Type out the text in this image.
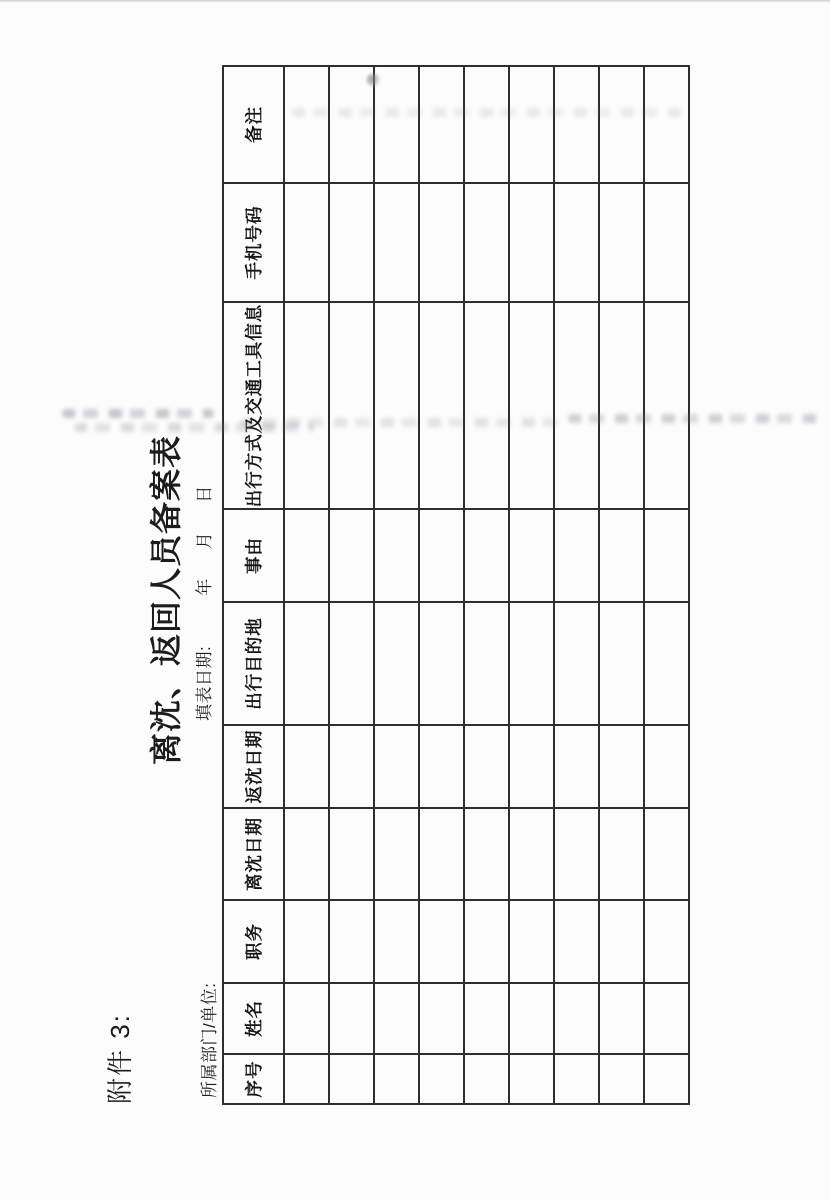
附件 3:
离沈、返回人员备案表
所属部门/单位:
填表日期:年月日
序号	姓名	职务	离沈日期	返沈日期	出行目的地	事由	出行方式及交通工具信息	手机号码	备注
